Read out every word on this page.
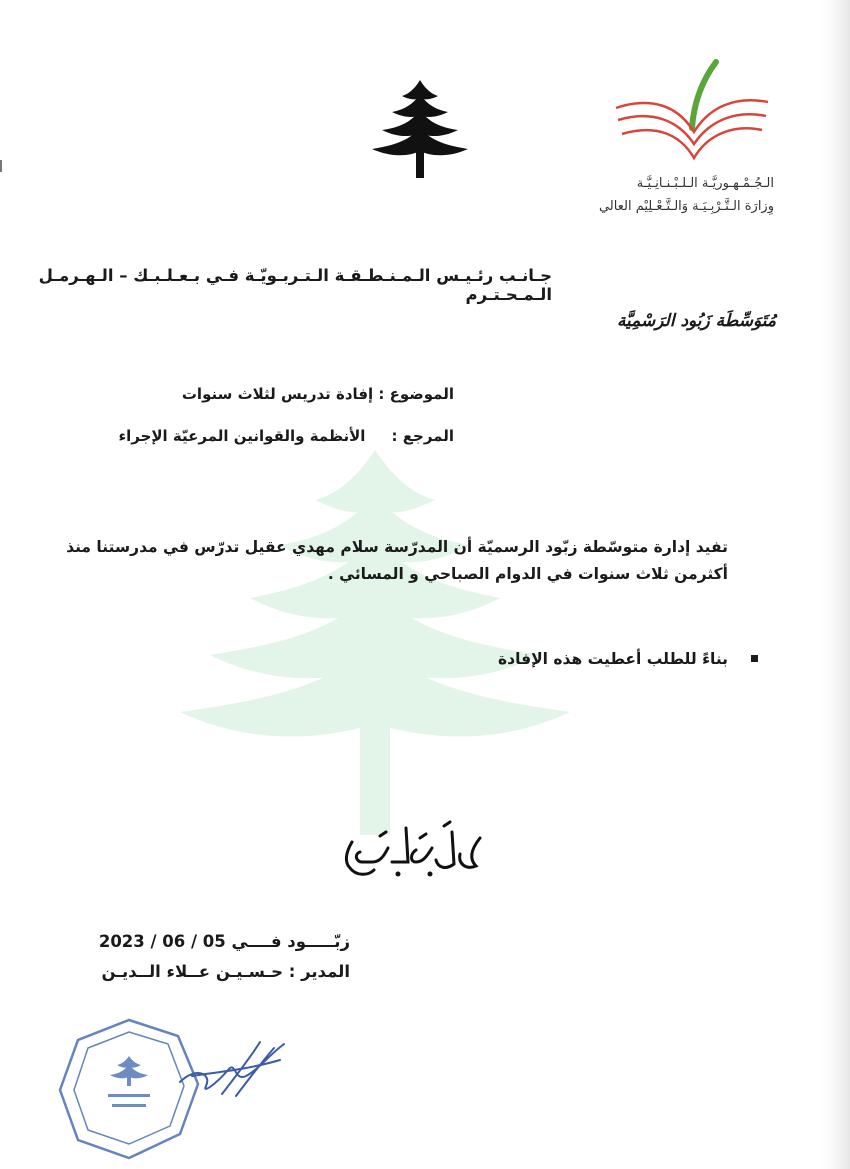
الـجُـمْـهـوريَّـة الـلـبْـنـانِـيَّـة
وِزارَة الـتَّـرْبِـيَـة وَالـتَّـعْـلِيْم العالي
جـانـب رئـيـس الـمـنـطـقـة الـتـربـويّـة فـي بـعـلـبـك – الـهـرمـل الـمـحـتـرم
مُتَوَسِّطَة زَبُود الرَسْمِيَّة
الموضوع : إفادة تدريس لثلاث سنوات
المرجع :     الأنظمة والقوانين المرعيّة الإجراء
تفيد إدارة متوسّطة زبّود الرسميّة أن المدرّسة سلام مهدي عقيل تدرّس في مدرستنا منذ
أكثرمن ثلاث سنوات في الدوام الصباحي و المسائي .
بناءً للطلب أعطيت هذه الإفادة
زبّـــــود فــــي 05 / 06 / 2023
المدير : حـسـيـن عــلاء الــديـن
